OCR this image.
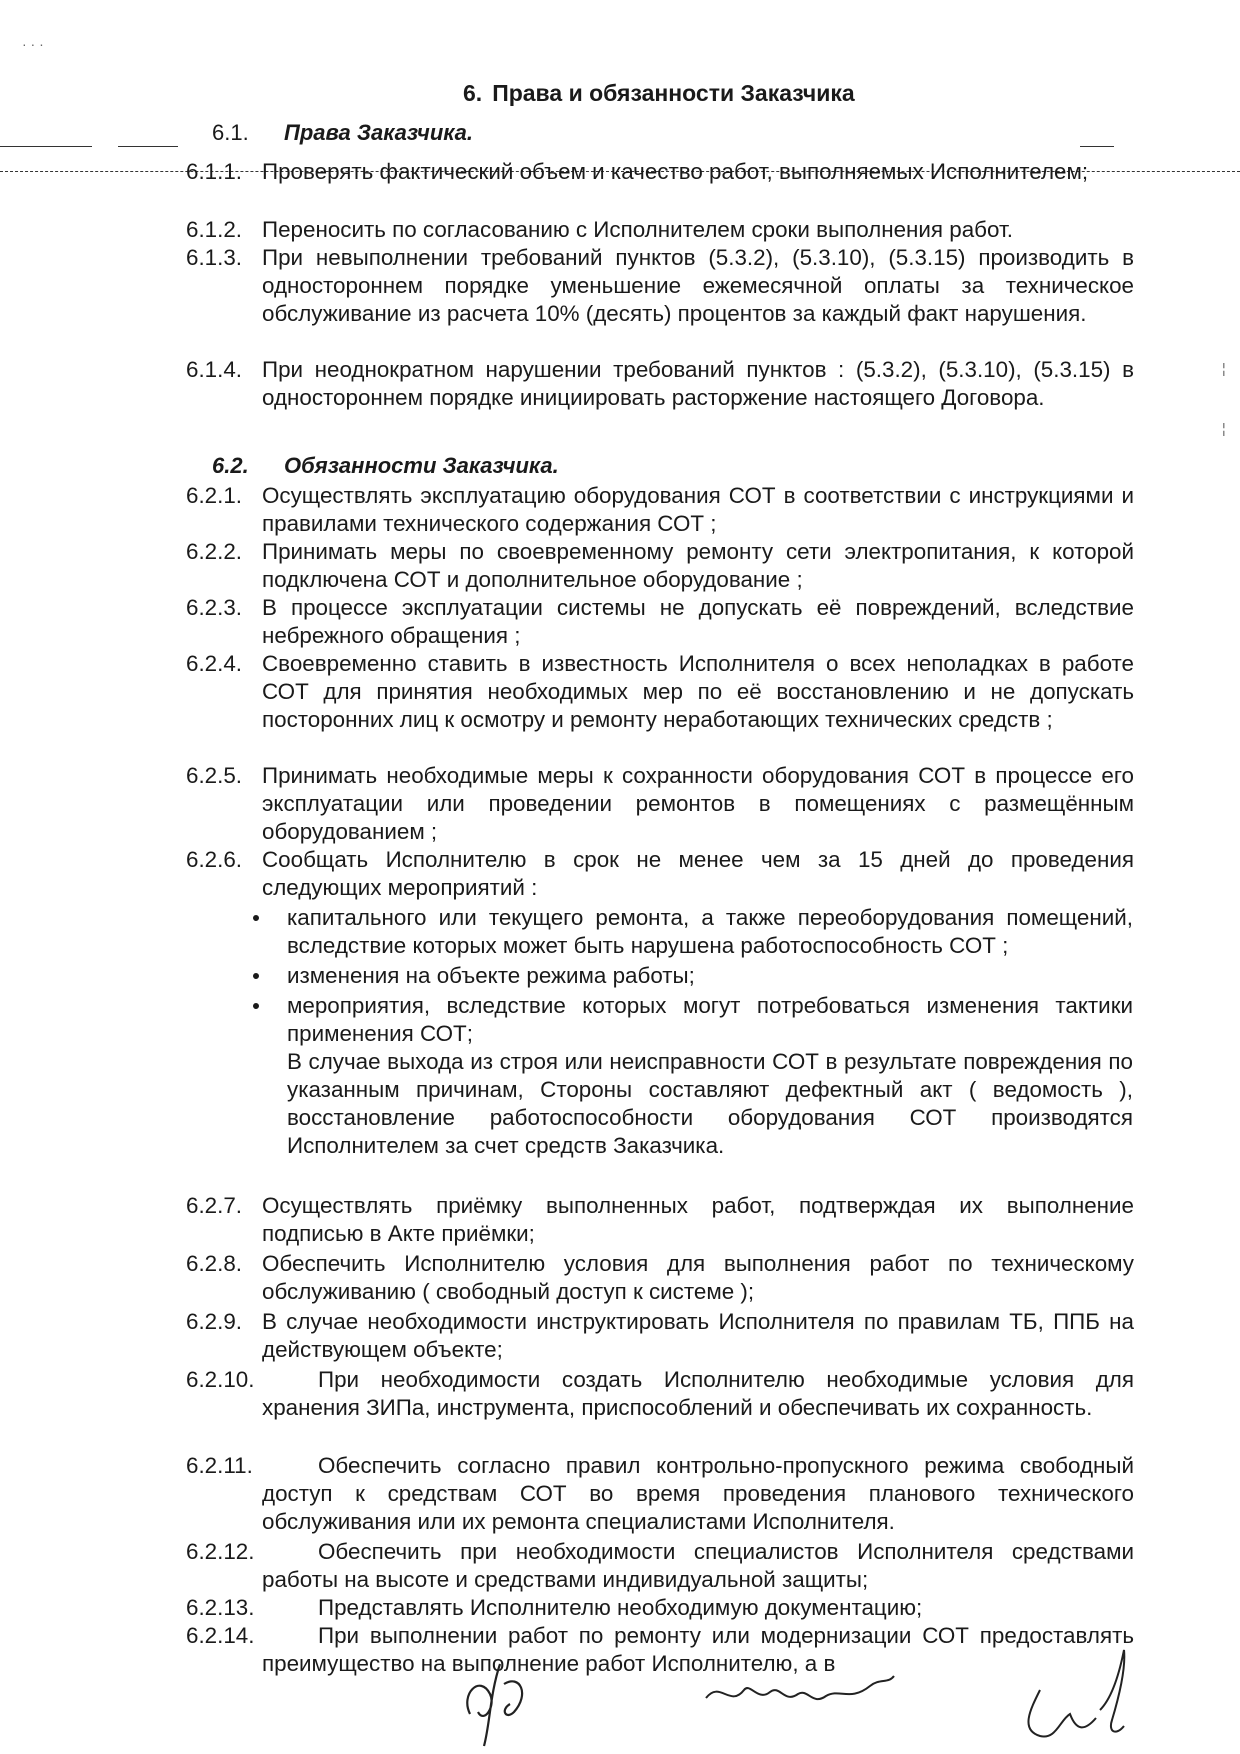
6. Права и обязанности Заказчика
6.1. Права Заказчика.
6.1.1. Проверять фактический объем и качество работ, выполняемых Исполнителем;
6.1.2. Переносить по согласованию с Исполнителем сроки выполнения работ.
6.1.3. При невыполнении требований пунктов (5.3.2), (5.3.10), (5.3.15) производить в одностороннем порядке уменьшение ежемесячной оплаты за техническое обслуживание из расчета 10% (десять) процентов за каждый факт нарушения.
6.1.4. При неоднократном нарушении требований пунктов : (5.3.2), (5.3.10), (5.3.15) в одностороннем порядке инициировать расторжение настоящего Договора.
6.2. Обязанности Заказчика.
6.2.1. Осуществлять эксплуатацию оборудования СОТ в соответствии с инструкциями и правилами технического содержания СОТ ;
6.2.2. Принимать меры по своевременному ремонту сети электропитания, к которой подключена СОТ и дополнительное оборудование ;
6.2.3. В процессе эксплуатации системы не допускать её повреждений, вследствие небрежного обращения ;
6.2.4. Своевременно ставить в известность Исполнителя о всех неполадках в работе СОТ для принятия необходимых мер по её восстановлению и не допускать посторонних лиц к осмотру и ремонту неработающих технических средств ;
6.2.5. Принимать необходимые меры к сохранности оборудования СОТ в процессе его эксплуатации или проведении ремонтов в помещениях с размещённым оборудованием ;
6.2.6. Сообщать Исполнителю в срок не менее чем за 15 дней до проведения следующих мероприятий :
капитального или текущего ремонта, а также переоборудования помещений, вследствие которых может быть нарушена работоспособность СОТ ;
изменения на объекте режима работы;
мероприятия, вследствие которых могут потребоваться изменения тактики применения СОТ;
В случае выхода из строя или неисправности СОТ в результате повреждения по указанным причинам, Стороны составляют дефектный акт ( ведомость ), восстановление работоспособности оборудования СОТ производятся Исполнителем за счет средств Заказчика.
6.2.7. Осуществлять приёмку выполненных работ, подтверждая их выполнение подписью в Акте приёмки;
6.2.8. Обеспечить Исполнителю условия для выполнения работ по техническому обслуживанию ( свободный доступ к системе );
6.2.9. В случае необходимости инструктировать Исполнителя по правилам ТБ, ППБ на действующем объекте;
6.2.10.	При необходимости создать Исполнителю необходимые условия для хранения ЗИПа, инструмента, приспособлений и обеспечивать их сохранность.
6.2.11.	Обеспечить согласно правил контрольно-пропускного режима свободный доступ к средствам СОТ во время проведения планового технического обслуживания или их ремонта специалистами Исполнителя.
6.2.12.	Обеспечить при необходимости специалистов Исполнителя средствами работы на высоте и средствами индивидуальной защиты;
6.2.13.	Представлять Исполнителю необходимую документацию;
6.2.14.	При выполнении работ по ремонту или модернизации СОТ предоставлять преимущество на выполнение работ Исполнителю, а в
· · ·
¦
¦
